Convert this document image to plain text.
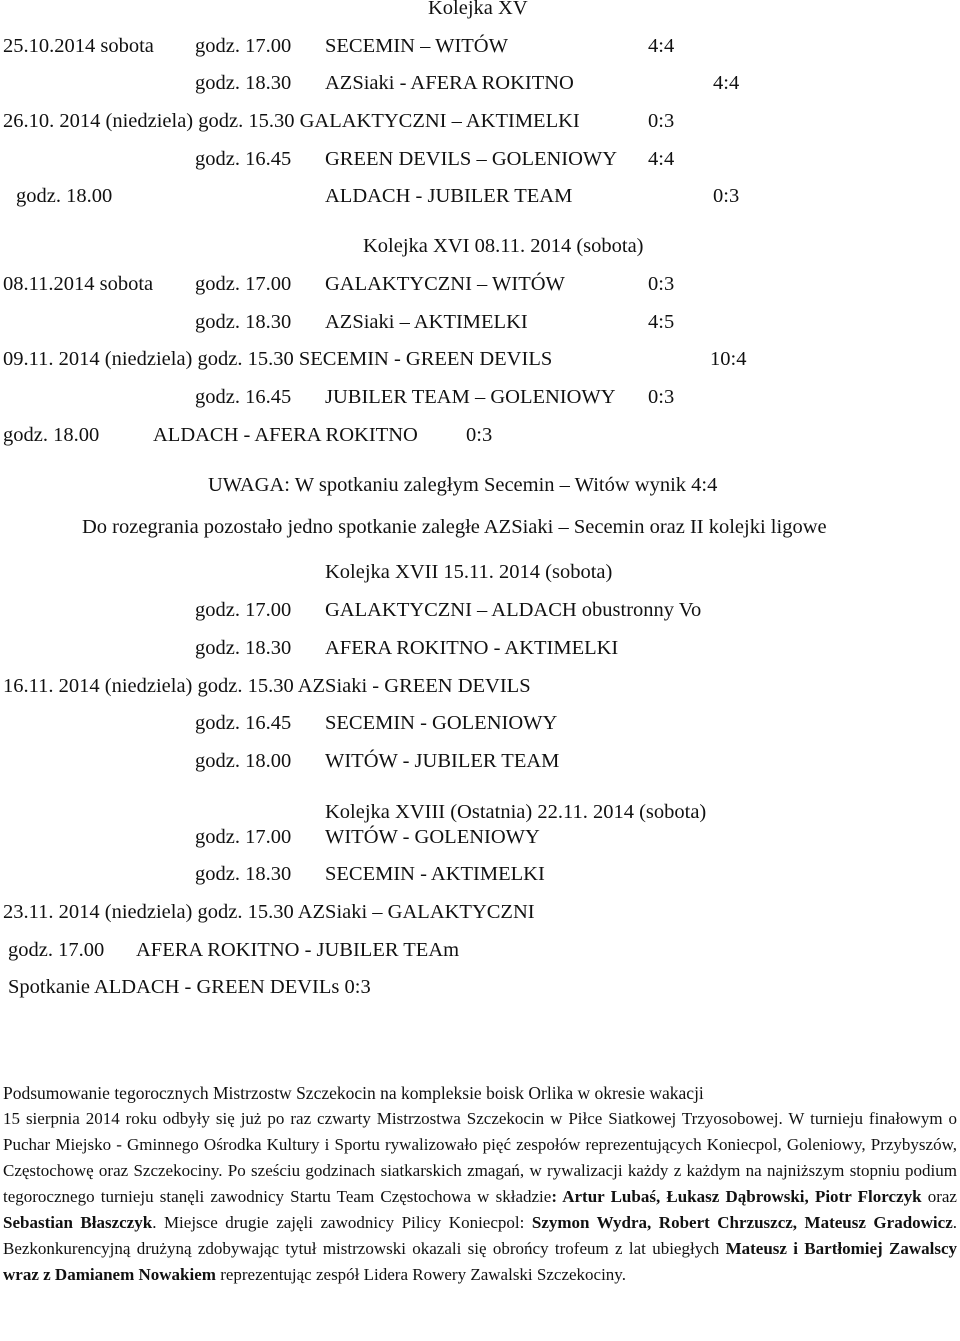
Kolejka XV
25.10.2014 sobota godz. 17.00 SECEMIN – WITÓW	4:4
godz. 18.30 AZSiaki - AFERA ROKITNO	4:4
26.10. 2014 (niedziela) godz. 15.30 GALAKTYCZNI – AKTIMELKI	0:3
godz. 16.45 GREEN DEVILS – GOLENIOWY 4:4
godz. 18.00	ALDACH - JUBILER TEAM	0:3
Kolejka XVI 08.11. 2014 (sobota)
08.11.2014 sobota godz. 17.00 GALAKTYCZNI – WITÓW	0:3
godz. 18.30 AZSiaki – AKTIMELKI	4:5
09.11. 2014 (niedziela) godz. 15.30 SECEMIN - GREEN DEVILS	10:4
godz. 16.45 JUBILER TEAM – GOLENIOWY 0:3
godz. 18.00	ALDACH - AFERA ROKITNO 0:3
UWAGA: W spotkaniu zaległym Secemin – Witów wynik 4:4
Do rozegrania pozostało jedno spotkanie zaległe AZSiaki – Secemin oraz II kolejki ligowe
Kolejka XVII 15.11. 2014 (sobota)
godz. 17.00 GALAKTYCZNI – ALDACH obustronny Vo
godz. 18.30 AFERA ROKITNO - AKTIMELKI
16.11. 2014 (niedziela) godz. 15.30 AZSiaki - GREEN DEVILS
godz. 16.45 SECEMIN - GOLENIOWY
godz. 18.00 WITÓW - JUBILER TEAM
Kolejka XVIII (Ostatnia) 22.11. 2014 (sobota)
godz. 17.00 WITÓW - GOLENIOWY
godz. 18.30 SECEMIN - AKTIMELKI
23.11. 2014 (niedziela) godz. 15.30 AZSiaki – GALAKTYCZNI
godz. 17.00 AFERA ROKITNO - JUBILER TEAm
Spotkanie ALDACH - GREEN DEVILs 0:3
Podsumowanie tegorocznych Mistrzostw Szczekocin na kompleksie boisk Orlika w okresie wakacji
15 sierpnia 2014 roku odbyły się już po raz czwarty Mistrzostwa Szczekocin w Piłce Siatkowej Trzyosobowej. W turnieju finałowym o Puchar Miejsko - Gminnego Ośrodka Kultury i Sportu rywalizowało pięć zespołów reprezentujących Koniecpol, Goleniowy, Przybyszów, Częstochowę oraz Szczekociny. Po sześciu godzinach siatkarskich zmagań, w rywalizacji każdy z każdym na najniższym stopniu podium tegorocznego turnieju stanęli zawodnicy Startu Team Częstochowa w składzie: Artur Lubaś, Łukasz Dąbrowski, Piotr Florczyk oraz Sebastian Błaszczyk. Miejsce drugie zajęli zawodnicy Pilicy Koniecpol: Szymon Wydra, Robert Chrzuszcz, Mateusz Gradowicz. Bezkonkurencyjną drużyną zdobywając tytuł mistrzowski okazali się obrońcy trofeum z lat ubiegłych Mateusz i Bartłomiej Zawalscy wraz z Damianem Nowakiem reprezentując zespół Lidera Rowery Zawalski Szczekociny.
